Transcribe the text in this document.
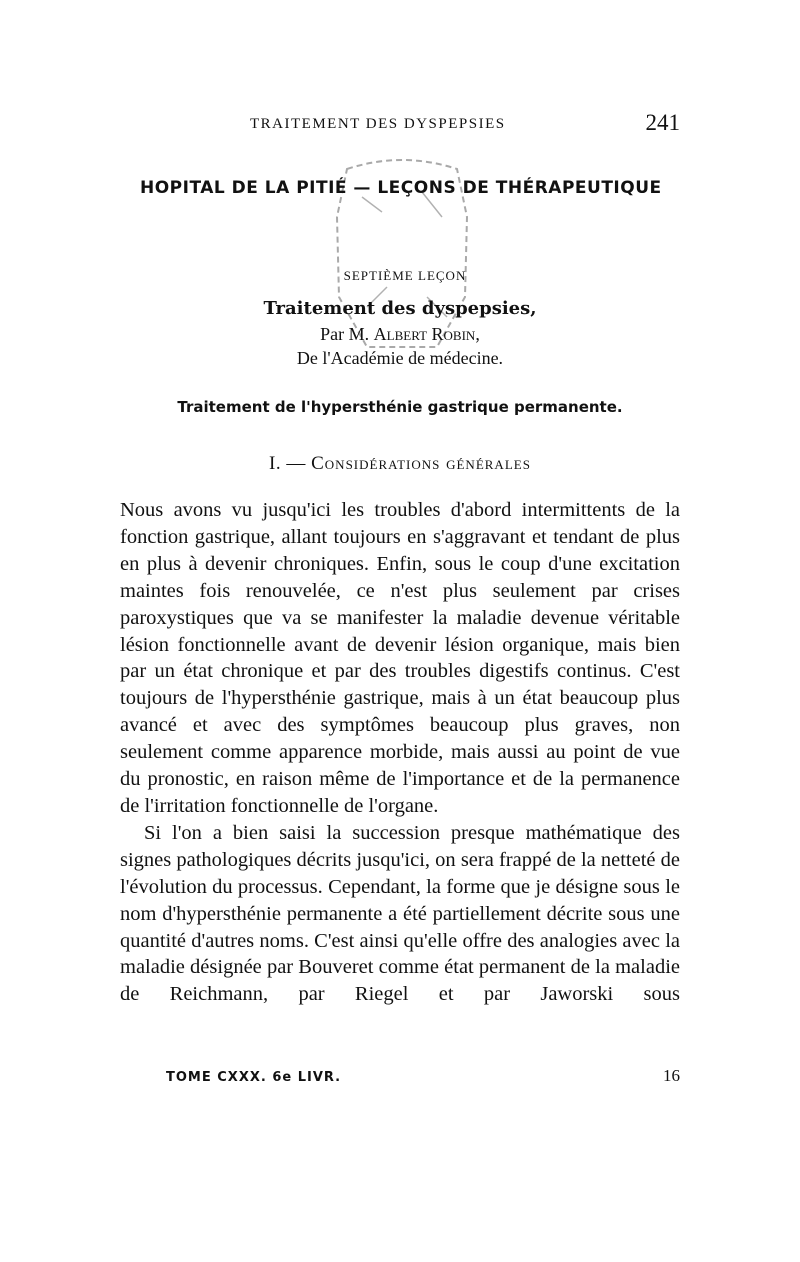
TRAITEMENT DES DYSPEPSIES	241
HOPITAL DE LA PITIÉ — LEÇONS DE THÉRAPEUTIQUE
SEPTIÈME LEÇON
Traitement des dyspepsies,
Par M. Albert Robin,
De l'Académie de médecine.
Traitement de l'hypersthénie gastrique permanente.
I. — Considérations générales

Nous avons vu jusqu'ici les troubles d'abord intermittents de la fonction gastrique, allant toujours en s'aggravant et tendant de plus en plus à devenir chroniques. Enfin, sous le coup d'une excitation maintes fois renouvelée, ce n'est plus seulement par crises paroxystiques que va se manifester la maladie devenue véritable lésion fonctionnelle avant de devenir lésion organique, mais bien par un état chronique et par des troubles digestifs continus. C'est toujours de l'hypersthénie gastrique, mais à un état beaucoup plus avancé et avec des symptômes beaucoup plus graves, non seulement comme apparence morbide, mais aussi au point de vue du pronostic, en raison même de l'importance et de la permanence de l'irritation fonctionnelle de l'organe.

Si l'on a bien saisi la succession presque mathématique des signes pathologiques décrits jusqu'ici, on sera frappé de la netteté de l'évolution du processus. Cependant, la forme que je désigne sous le nom d'hypersthénie permanente a été partiellement décrite sous une quantité d'autres noms. C'est ainsi qu'elle offre des analogies avec la maladie désignée par Bouveret comme état permanent de la maladie de Reichmann, par Riegel et par Jaworski sous

TOME CXXX. 6e LIVR.	16
